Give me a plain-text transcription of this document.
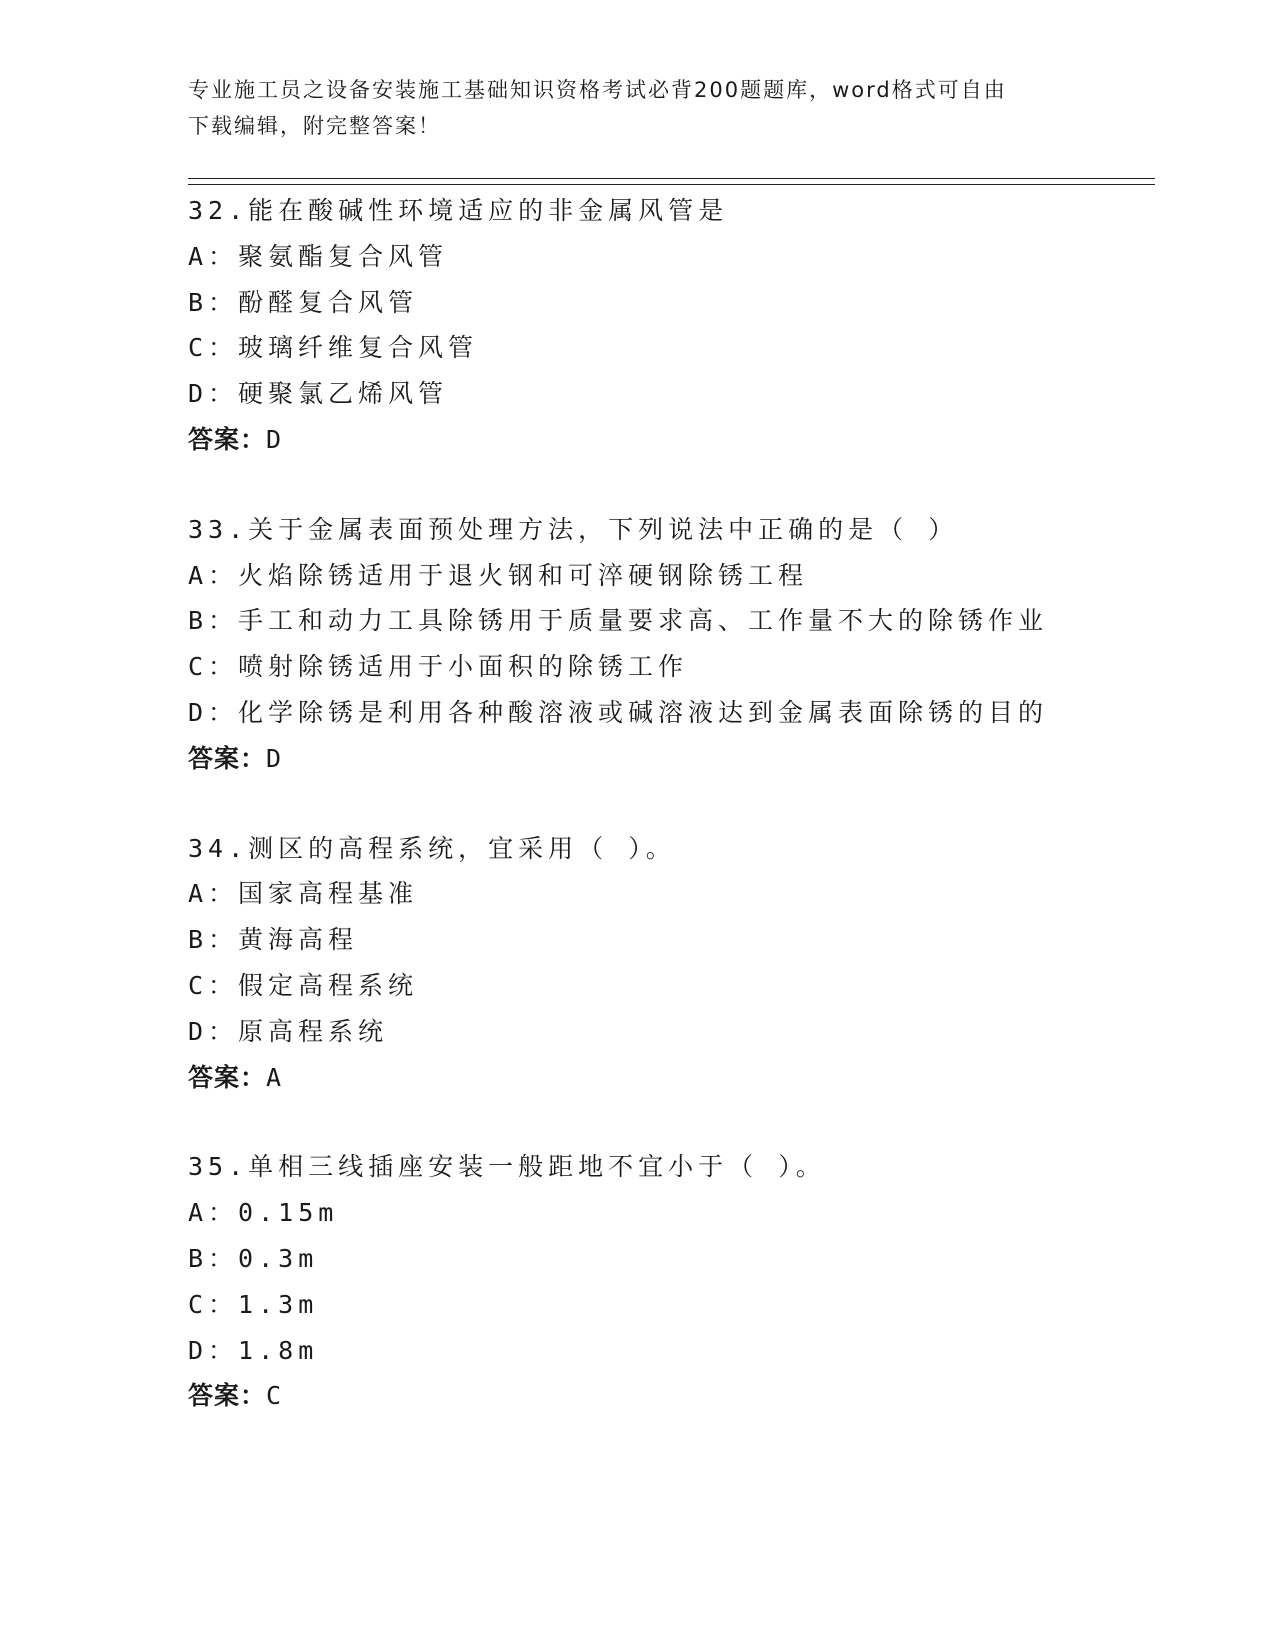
专业施工员之设备安装施工基础知识资格考试必背200题题库，word格式可自由
下载编辑，附完整答案！
32.能在酸碱性环境适应的非金属风管是
A：聚氨酯复合风管
B：酚醛复合风管
C：玻璃纤维复合风管
D：硬聚氯乙烯风管
答案：D
33.关于金属表面预处理方法，下列说法中正确的是（ ）
A：火焰除锈适用于退火钢和可淬硬钢除锈工程
B：手工和动力工具除锈用于质量要求高、工作量不大的除锈作业
C：喷射除锈适用于小面积的除锈工作
D：化学除锈是利用各种酸溶液或碱溶液达到金属表面除锈的目的
答案：D
34.测区的高程系统，宜采用（ ）。
A：国家高程基准
B：黄海高程
C：假定高程系统
D：原高程系统
答案：A
35.单相三线插座安装一般距地不宜小于（ ）。
A：0.15m
B：0.3m
C：1.3m
D：1.8m
答案：C
